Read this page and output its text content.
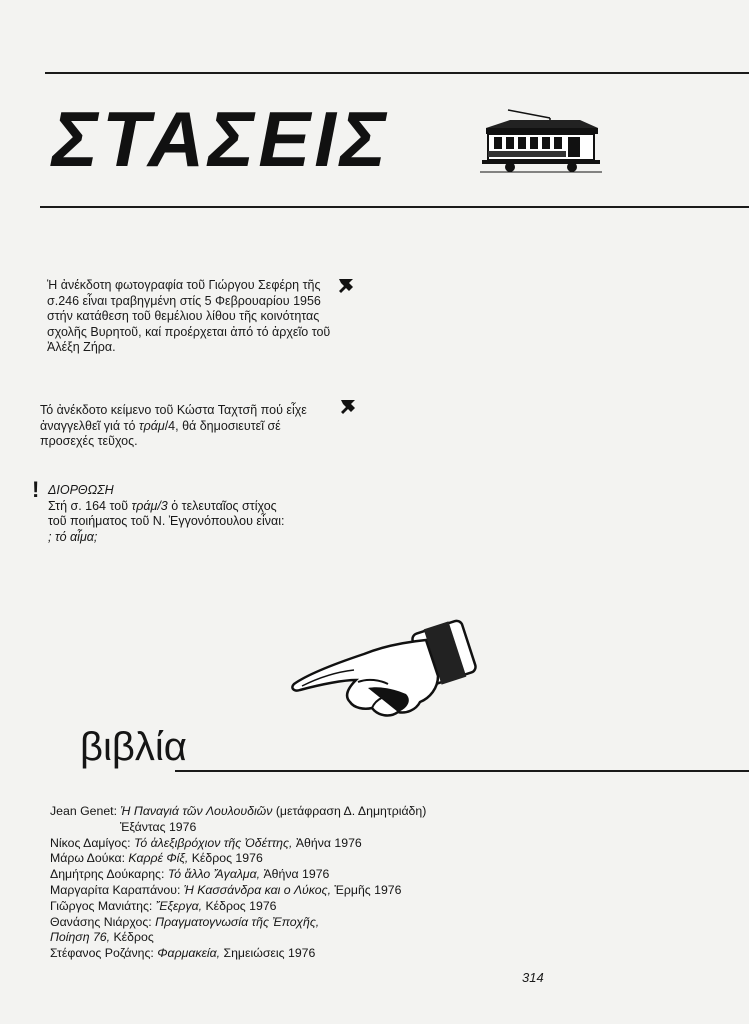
ΣΤΑΣΕΙΣ
Ἡ ἀνέκδοτη φωτογραφία τοῦ Γιώργου Σεφέρη τῆς σ.246 εἶναι τραβηγμένη στίς 5 Φεβρουαρίου 1956 στήν κατάθεση τοῦ θεμέλιου λίθου τῆς κοινότητας σχολῆς Βυρητοῦ, καί προέρχεται ἀπό τό ἀρχεῖο τοῦ Ἀλέξη Ζήρα.
Τό ἀνέκδοτο κείμενο τοῦ Κώστα Ταχτσῆ πού εἶχε ἀναγγελθεῖ γιά τό τράμ/4, θά δημοσιευτεῖ σέ προσεχές τεῦχος.
! ΔΙΟΡΘΩΣΗ
Στή σ. 164 τοῦ τράμ/3 ὁ τελευταῖος στίχος
τοῦ ποιήματος τοῦ Ν. Ἐγγονόπουλου εἶναι:
; τό αἷμα;
βιβλία
Jean Genet: Ἡ Παναγιά τῶν Λουλουδιῶν (μετάφραση Δ. Δημητριάδη)
Ἐξάντας 1976
Νίκος Δαμίγος: Τό ἀλεξιβρόχιον τῆς Ὀδέττης, Ἀθήνα 1976
Μάρω Δούκα: Καρρέ Φίξ, Κέδρος 1976
Δημήτρης Δούκαρης: Τό ἄλλο Ἄγαλμα, Ἀθήνα 1976
Μαργαρίτα Καραπάνου: Ἡ Κασσάνδρα και ο Λύκος, Ἑρμῆς 1976
Γιῶργος Μανιάτης: Ἔξεργα, Κέδρος 1976
Θανάσης Νιάρχος: Πραγματογνωσία τῆς Ἐποχῆς,
Ποίηση 76, Κέδρος
Στέφανος Ροζάνης: Φαρμακεία, Σημειώσεις 1976
314
